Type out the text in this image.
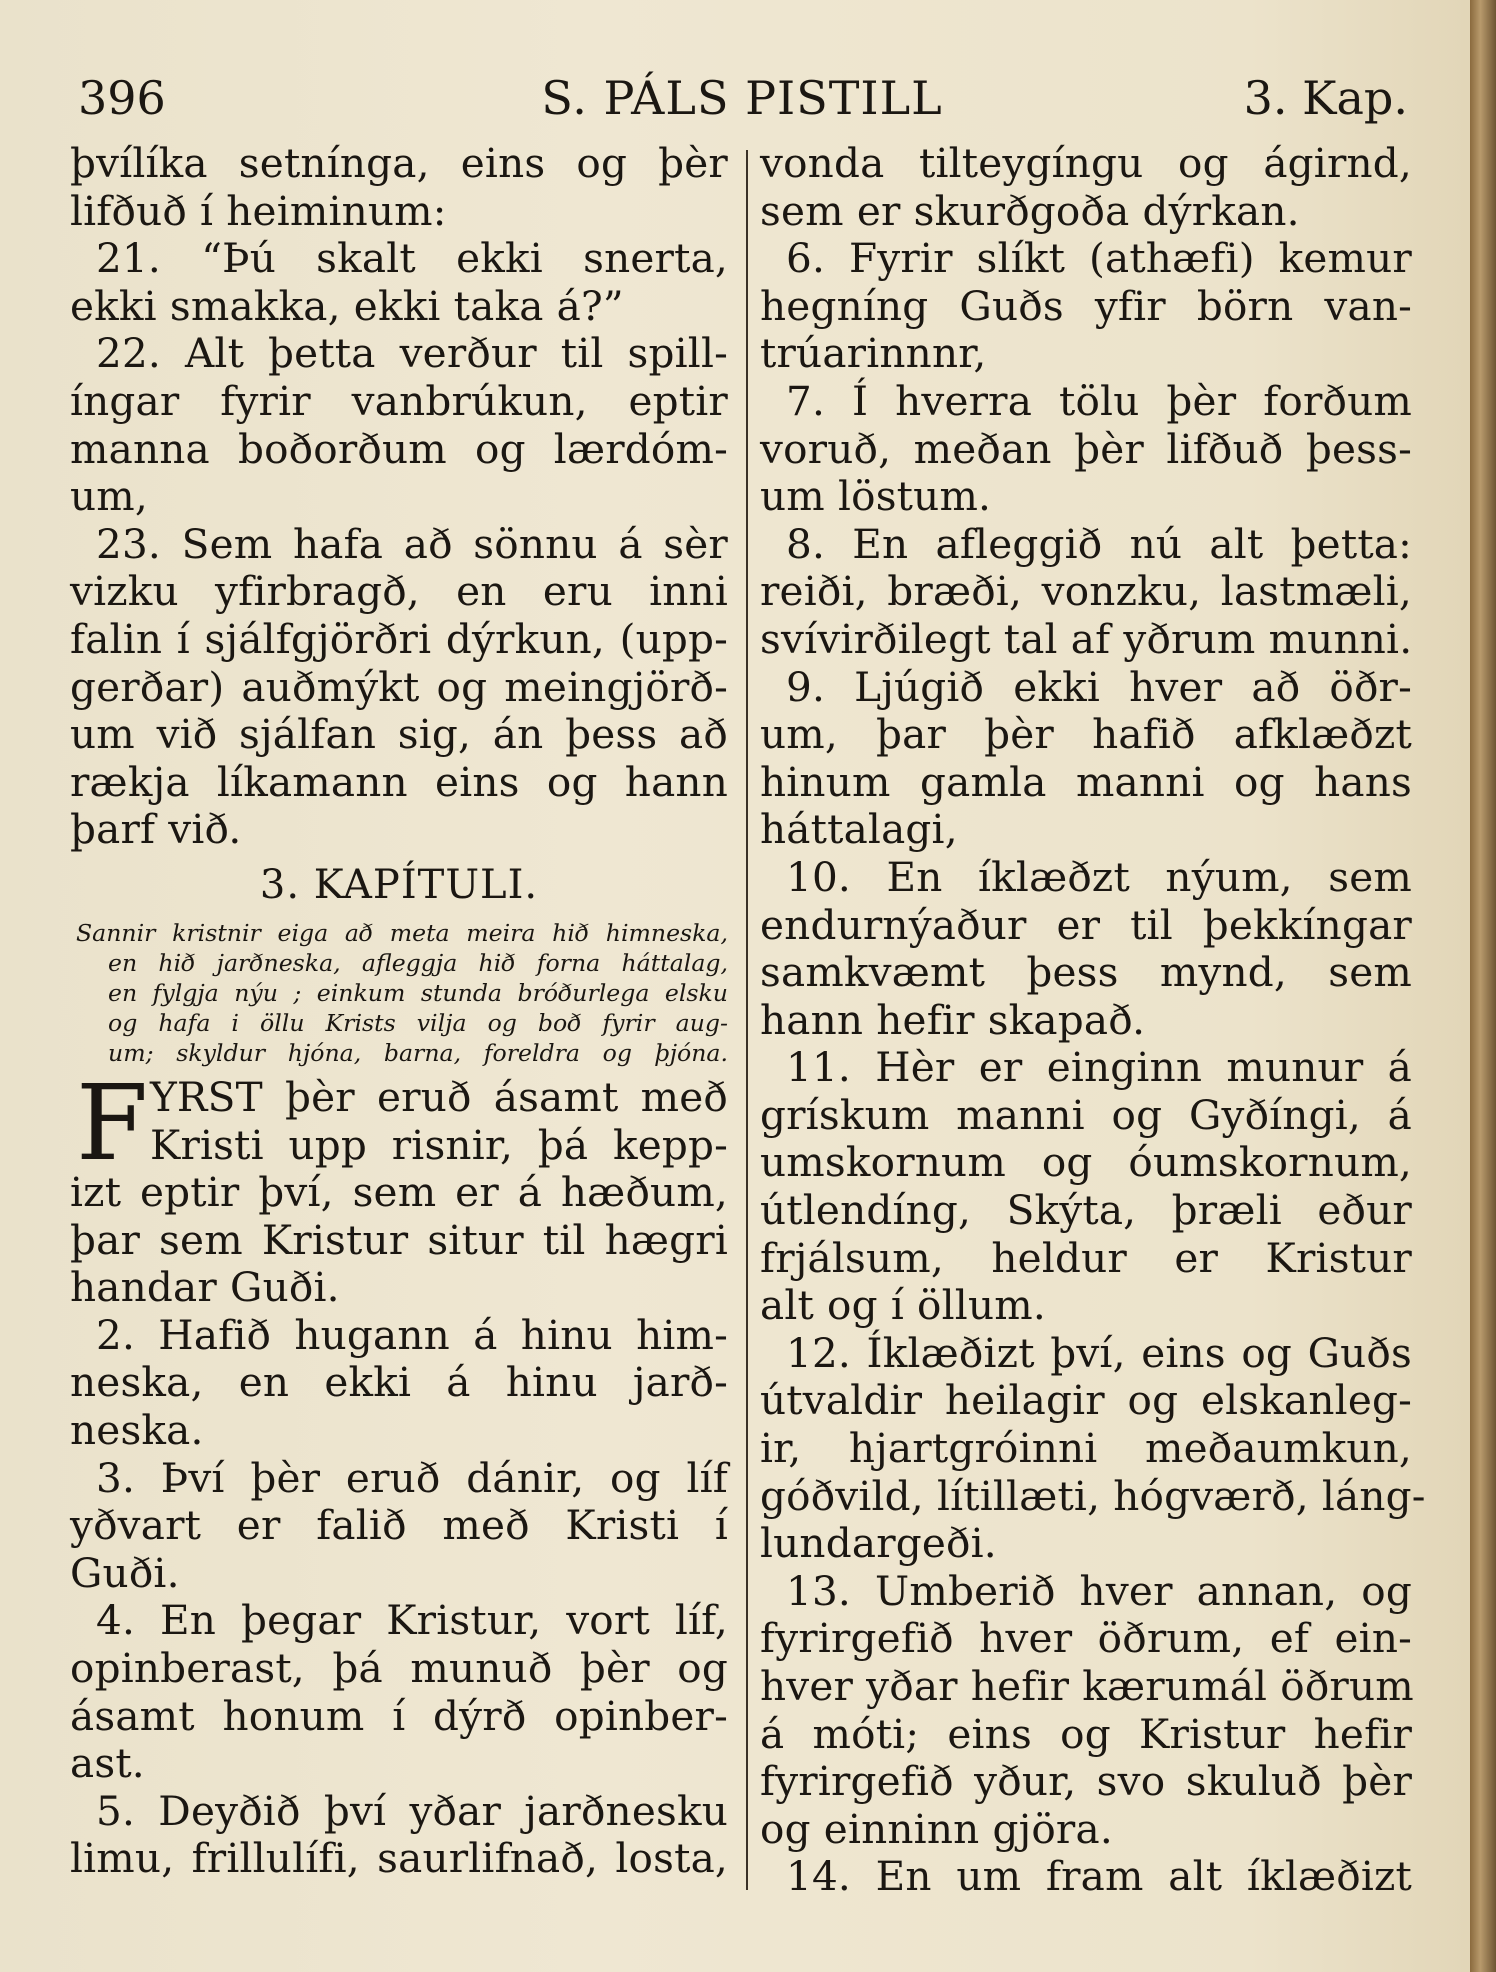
S. PÁLS PISTILL
396	3. Kap.
þvílíka setnínga, eins og þèr
lifðuð í heiminum:
21. “Þú skalt ekki snerta,
ekki smakka, ekki taka á?”
22. Alt þetta verður til spill-
íngar fyrir vanbrúkun, eptir
manna boðorðum og lærdóm-
um,
23. Sem hafa að sönnu á sèr
vizku yfirbragð, en eru inni
falin í sjálfgjörðri dýrkun, (upp-
gerðar) auðmýkt og meingjörð-
um við sjálfan sig, án þess að
rækja líkamann eins og hann
þarf við.
3. KAPÍTULI.
Sannir kristnir eiga að meta meira hið himneska,
en hið jarðneska, afleggja hið forna háttalag,
en fylgja nýu ; einkum stunda bróðurlega elsku
og hafa i öllu Krists vilja og boð fyrir aug-
um; skyldur hjóna, barna, foreldra og þjóna.
F YRST þèr eruð ásamt með
Kristi upp risnir, þá kepp-
izt eptir því, sem er á hæðum,
þar sem Kristur situr til hægri
handar Guði.
2. Hafið hugann á hinu him-
neska, en ekki á hinu jarð-
neska.
3. Því þèr eruð dánir, og líf
yðvart er falið með Kristi í
Guði.
4. En þegar Kristur, vort líf,
opinberast, þá munuð þèr og
ásamt honum í dýrð opinber-
ast.
5. Deyðið því yðar jarðnesku
limu, frillulífi, saurlifnað, losta,
vonda tilteygíngu og ágirnd,
sem er skurðgoða dýrkan.
6. Fyrir slíkt (athæfi) kemur
hegníng Guðs yfir börn van-
trúarinnnr,
7. Í hverra tölu þèr forðum
voruð, meðan þèr lifðuð þess-
um löstum.
8. En afleggið nú alt þetta:
reiði, bræði, vonzku, lastmæli,
svívirðilegt tal af yðrum munni.
9. Ljúgið ekki hver að öðr-
um, þar þèr hafið afklæðzt
hinum gamla manni og hans
háttalagi,
10. En íklæðzt nýum, sem
endurnýaður er til þekkíngar
samkvæmt þess mynd, sem
hann hefir skapað.
11. Hèr er einginn munur á
grískum manni og Gyðíngi, á
umskornum og óumskornum,
útlendíng, Skýta, þræli eður
frjálsum, heldur er Kristur
alt og í öllum.
12. Íklæðizt því, eins og Guðs
útvaldir heilagir og elskanleg-
ir, hjartgróinni meðaumkun,
góðvild, lítillæti, hógværð, láng-
lundargeði.
13. Umberið hver annan, og
fyrirgefið hver öðrum, ef ein-
hver yðar hefir kærumál öðrum
á móti; eins og Kristur hefir
fyrirgefið yður, svo skuluð þèr
og einninn gjöra.
14. En um fram alt íklæðizt
